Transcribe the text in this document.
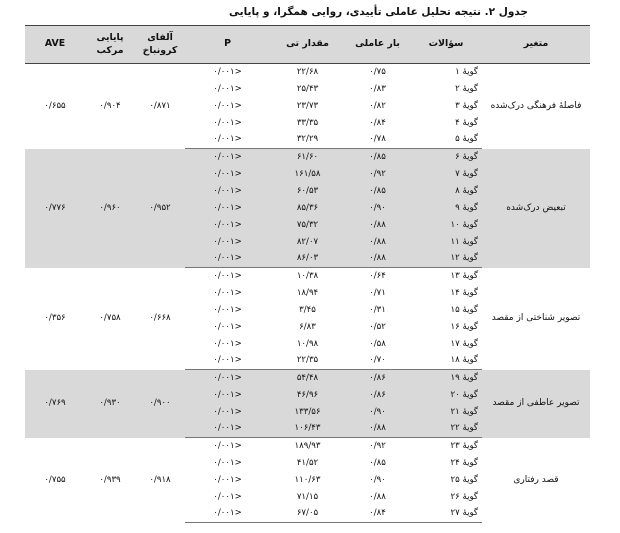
جدول ۲. نتیجه تحلیل عاملی تأییدی، روایی همگرا، و پایایی
متغیر	سؤالات	بار عاملی	مقدار تی	P	آلفای کرونباخ	پایایی مرکب	AVE
فاصلهٔ فرهنگی درک‌شده	گویهٔ ۱	۰/۷۵	۲۲/۶۸	<۰/۰۰۱	۰/۸۷۱	۰/۹۰۴	۰/۶۵۵
	گویهٔ ۲	۰/۸۳	۲۵/۴۳	<۰/۰۰۱			
	گویهٔ ۳	۰/۸۲	۲۳/۷۳	<۰/۰۰۱			
	گویهٔ ۴	۰/۸۴	۳۳/۳۵	<۰/۰۰۱			
	گویهٔ ۵	۰/۷۸	۳۲/۲۹	<۰/۰۰۱			
تبعیض درک‌شده	گویهٔ ۶	۰/۸۵	۶۱/۶۰	<۰/۰۰۱	۰/۹۵۲	۰/۹۶۰	۰/۷۷۶
	گویهٔ ۷	۰/۹۲	۱۶۱/۵۸	<۰/۰۰۱			
	گویهٔ ۸	۰/۸۵	۶۰/۵۳	<۰/۰۰۱			
	گویهٔ ۹	۰/۹۰	۸۵/۳۶	<۰/۰۰۱			
	گویهٔ ۱۰	۰/۸۸	۷۵/۳۲	<۰/۰۰۱			
	گویهٔ ۱۱	۰/۸۸	۸۲/۰۷	<۰/۰۰۱			
	گویهٔ ۱۲	۰/۸۸	۸۶/۰۳	<۰/۰۰۱			
تصویر شناختی از مقصد	گویهٔ ۱۳	۰/۶۴	۱۰/۳۸	<۰/۰۰۱	۰/۶۶۸	۰/۷۵۸	۰/۳۵۶
	گویهٔ ۱۴	۰/۷۱	۱۸/۹۴	<۰/۰۰۱			
	گویهٔ ۱۵	۰/۳۱	۳/۴۵	<۰/۰۰۱			
	گویهٔ ۱۶	۰/۵۲	۶/۸۳	<۰/۰۰۱			
	گویهٔ ۱۷	۰/۵۸	۱۰/۹۸	<۰/۰۰۱			
	گویهٔ ۱۸	۰/۷۰	۲۲/۳۵	<۰/۰۰۱			
تصویر عاطفی از مقصد	گویهٔ ۱۹	۰/۸۶	۵۴/۴۸	<۰/۰۰۱	۰/۹۰۰	۰/۹۳۰	۰/۷۶۹
	گویهٔ ۲۰	۰/۸۶	۴۶/۹۶	<۰/۰۰۱			
	گویهٔ ۲۱	۰/۹۰	۱۳۳/۵۶	<۰/۰۰۱			
	گویهٔ ۲۲	۰/۸۸	۱۰۶/۴۳	<۰/۰۰۱			
قصد رفتاری	گویهٔ ۲۳	۰/۹۲	۱۸۹/۹۳	<۰/۰۰۱	۰/۹۱۸	۰/۹۳۹	۰/۷۵۵
	گویهٔ ۲۴	۰/۸۵	۴۱/۵۲	<۰/۰۰۱			
	گویهٔ ۲۵	۰/۹۰	۱۱۰/۶۳	<۰/۰۰۱			
	گویهٔ ۲۶	۰/۸۸	۷۱/۱۵	<۰/۰۰۱			
	گویهٔ ۲۷	۰/۸۴	۶۷/۰۵	<۰/۰۰۱			
